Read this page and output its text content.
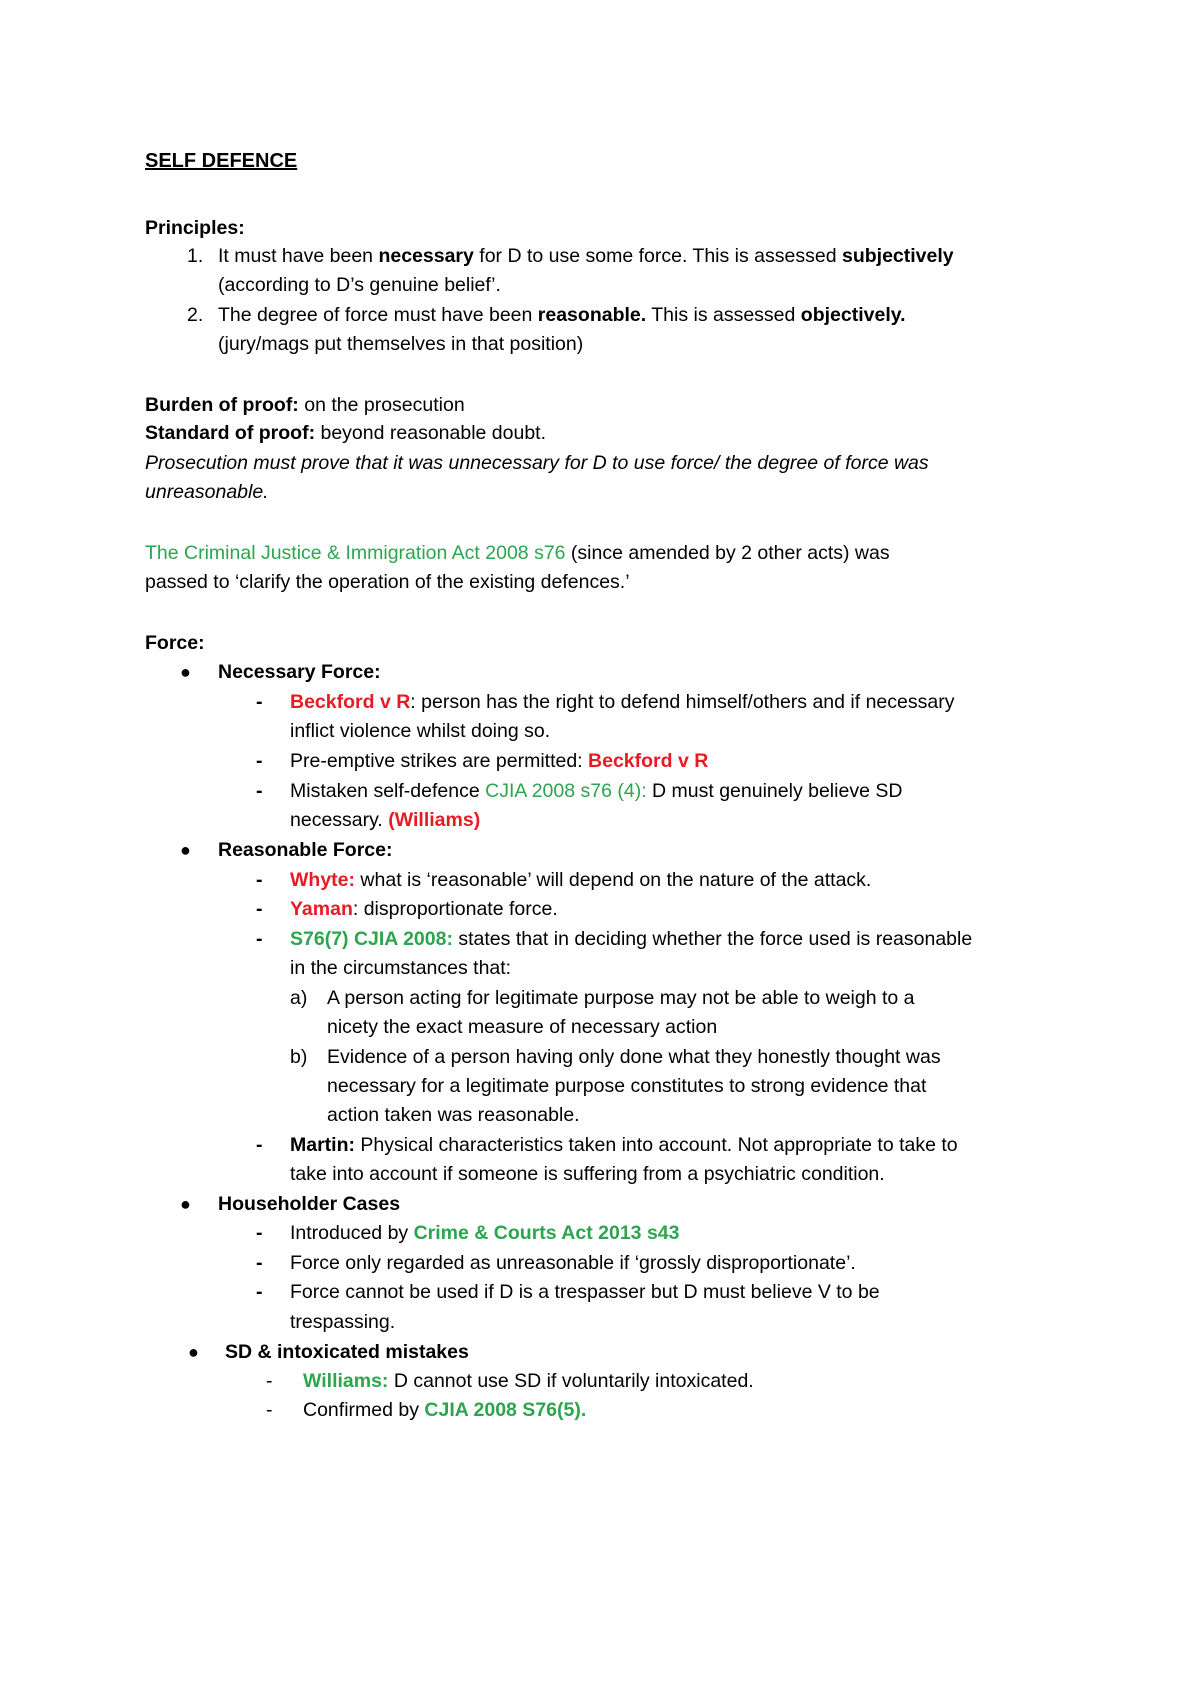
SELF DEFENCE
Principles:
1. It must have been necessary for D to use some force. This is assessed subjectively
(according to D’s genuine belief’.
2. The degree of force must have been reasonable. This is assessed objectively.
(jury/mags put themselves in that position)
Burden of proof: on the prosecution
Standard of proof: beyond reasonable doubt.
Prosecution must prove that it was unnecessary for D to use force/ the degree of force was
unreasonable.
The Criminal Justice & Immigration Act 2008 s76 (since amended by 2 other acts) was
passed to ‘clarify the operation of the existing defences.’
Force:
● Necessary Force:
- Beckford v R: person has the right to defend himself/others and if necessary
inflict violence whilst doing so.
- Pre-emptive strikes are permitted: Beckford v R
- Mistaken self-defence CJIA 2008 s76 (4): D must genuinely believe SD
necessary. (Williams)
● Reasonable Force:
- Whyte: what is ‘reasonable’ will depend on the nature of the attack.
- Yaman: disproportionate force.
- S76(7) CJIA 2008: states that in deciding whether the force used is reasonable
in the circumstances that:
a) A person acting for legitimate purpose may not be able to weigh to a
nicety the exact measure of necessary action
b) Evidence of a person having only done what they honestly thought was
necessary for a legitimate purpose constitutes to strong evidence that
action taken was reasonable.
- Martin: Physical characteristics taken into account. Not appropriate to take to
take into account if someone is suffering from a psychiatric condition.
● Householder Cases
- Introduced by Crime & Courts Act 2013 s43
- Force only regarded as unreasonable if ‘grossly disproportionate’.
- Force cannot be used if D is a trespasser but D must believe V to be
trespassing.
● SD & intoxicated mistakes
- Williams: D cannot use SD if voluntarily intoxicated.
- Confirmed by CJIA 2008 S76(5).
